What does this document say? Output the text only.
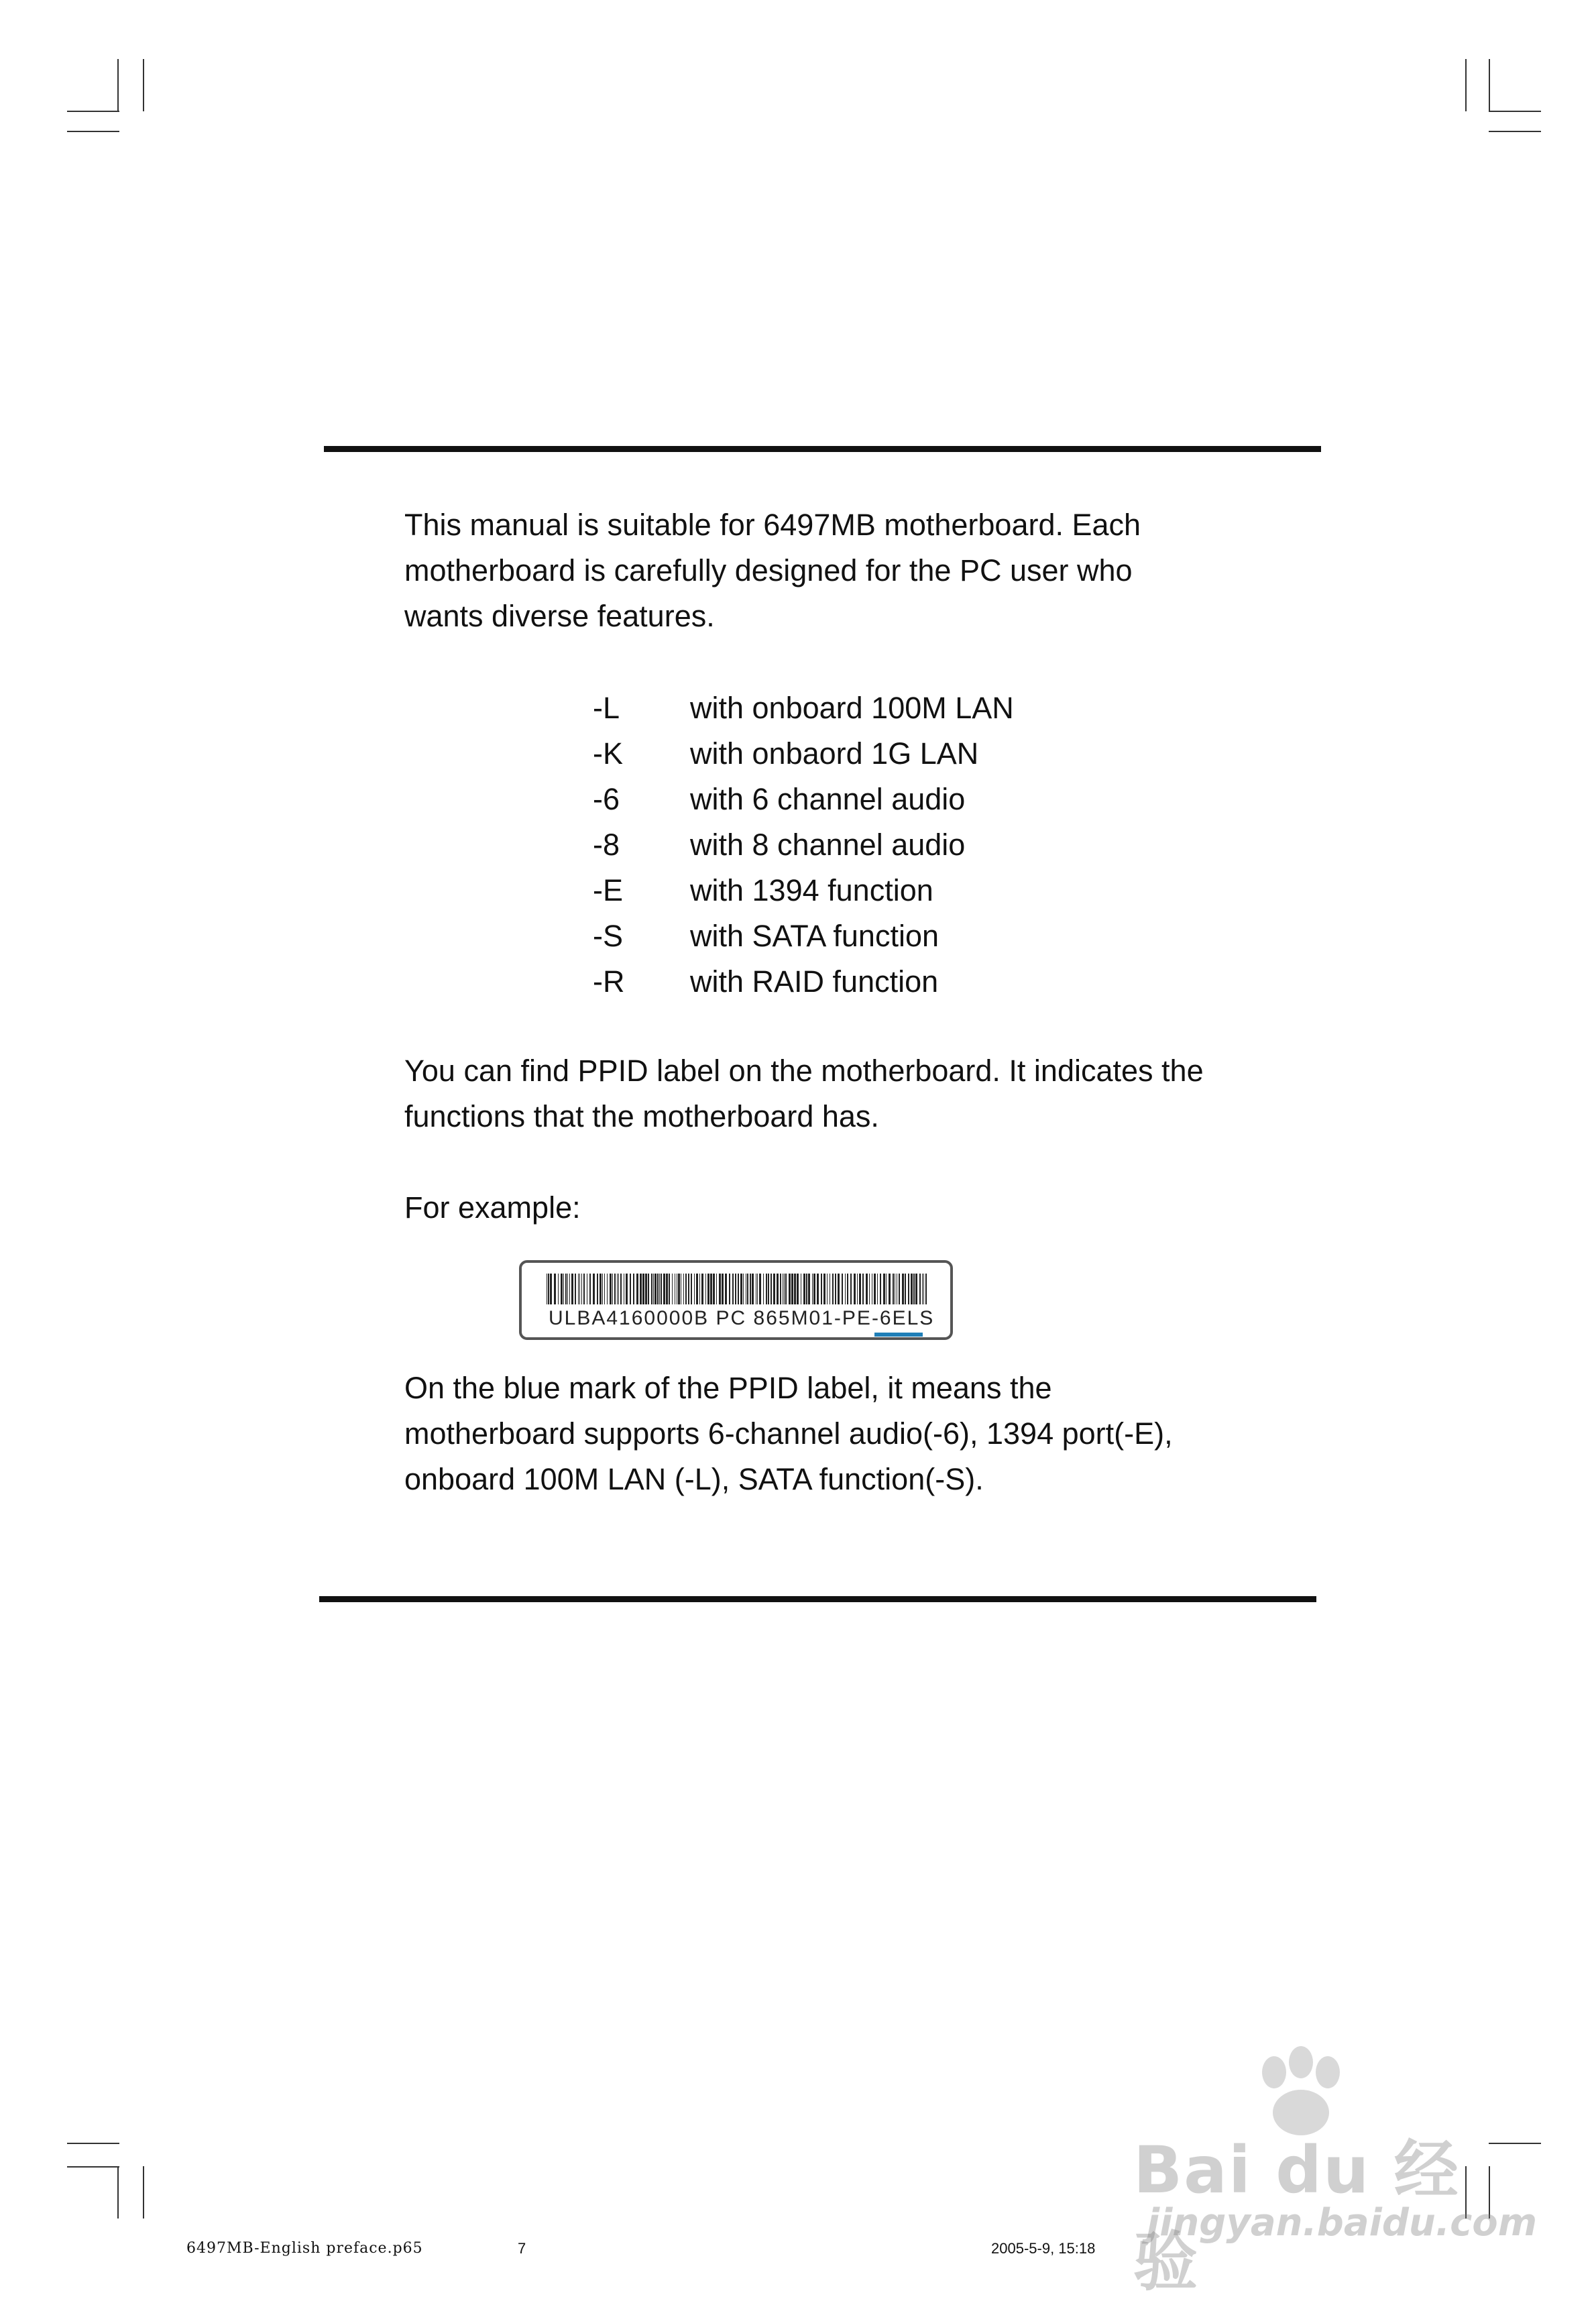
This manual is suitable for 6497MB motherboard. Each
motherboard is carefully designed for the PC user who
wants diverse features.

-L with onboard 100M LAN
-K with onbaord 1G LAN
-6 with 6 channel audio
-8 with 8 channel audio
-E with 1394 function
-S with SATA function
-R with RAID function

You can find PPID label on the motherboard. It indicates the
functions that the motherboard has.

For example:

ULBA4160000B PC 865M01-PE-6ELS

On the blue mark of the PPID label, it means the
motherboard supports 6-channel audio(-6), 1394 port(-E),
onboard 100M LAN (-L), SATA function(-S).

6497MB-English preface.p65	7	2005-5-9, 15:18
Bai du 经验
jingyan.baidu.com
